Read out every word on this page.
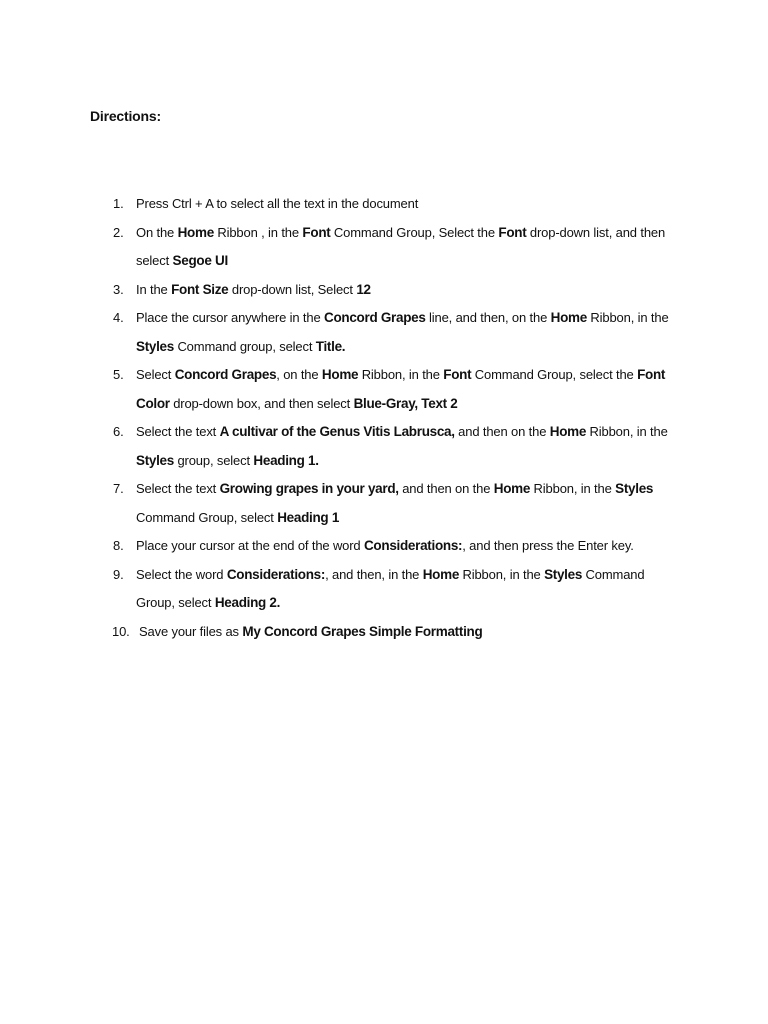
Directions:
1. Press Ctrl + A to select all the text in the document
2. On the Home Ribbon , in the Font Command Group, Select the Font drop-down list, and then select Segoe UI
3. In the Font Size drop-down list, Select 12
4. Place the cursor anywhere in the Concord Grapes line, and then, on the Home Ribbon, in the Styles Command group, select Title.
5. Select Concord Grapes, on the Home Ribbon, in the Font Command Group, select the Font Color drop-down box, and then select Blue-Gray, Text 2
6. Select the text A cultivar of the Genus Vitis Labrusca, and then on the Home Ribbon, in the Styles group, select Heading 1.
7. Select the text Growing grapes in your yard, and then on the Home Ribbon, in the Styles Command Group, select Heading 1
8. Place your cursor at the end of the word Considerations:, and then press the Enter key.
9. Select the word Considerations:, and then, in the Home Ribbon, in the Styles Command Group, select Heading 2.
10. Save your files as My Concord Grapes Simple Formatting
